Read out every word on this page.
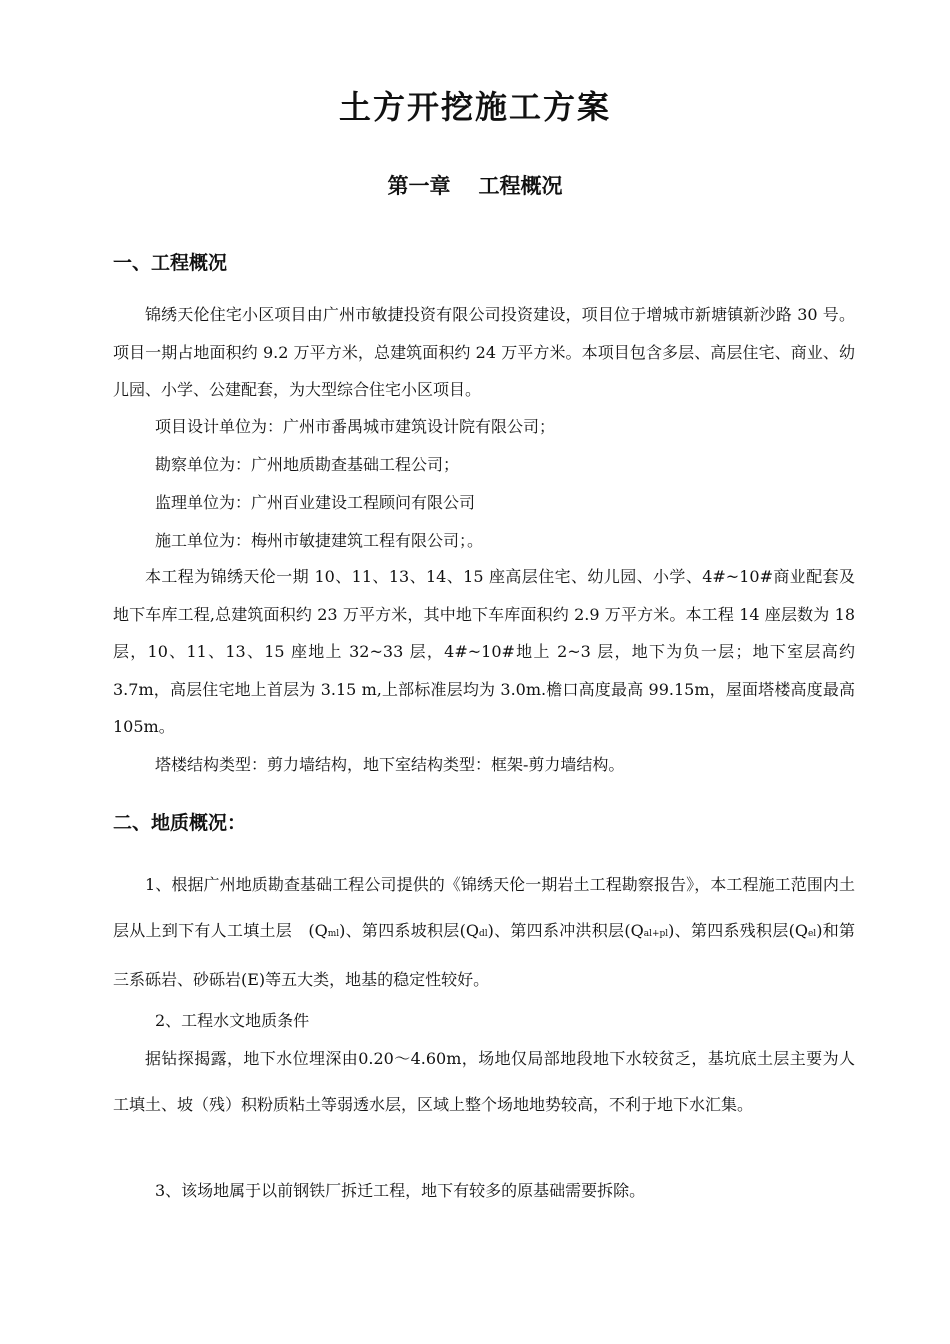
土方开挖施工方案
第一章 工程概况
一、工程概况

锦绣天伦住宅小区项目由广州市敏捷投资有限公司投资建设，项目位于增城市新塘镇新沙路 30 号。项目一期占地面积约 9.2 万平方米，总建筑面积约 24 万平方米。本项目包含多层、高层住宅、商业、幼儿园、小学、公建配套，为大型综合住宅小区项目。

项目设计单位为：广州市番禺城市建筑设计院有限公司；
勘察单位为：广州地质勘查基础工程公司；
监理单位为：广州百业建设工程顾问有限公司
施工单位为：梅州市敏捷建筑工程有限公司；。

本工程为锦绣天伦一期 10、11、13、14、15 座高层住宅、幼儿园、小学、4#~10#商业配套及地下车库工程,总建筑面积约 23 万平方米，其中地下车库面积约 2.9 万平方米。本工程 14 座层数为 18 层，10、11、13、15 座地上 32~33 层，4#~10#地上 2~3 层，地下为负一层；地下室层高约 3.7m，高层住宅地上首层为 3.15 m,上部标准层均为 3.0m.檐口高度最高 99.15m，屋面塔楼高度最高 105m。

塔楼结构类型：剪力墙结构，地下室结构类型：框架-剪力墙结构。
二、地质概况：

1、根据广州地质勘查基础工程公司提供的《锦绣天伦一期岩土工程勘察报告》，本工程施工范围内土层从上到下有人工填土层　(Qml)、第四系坡积层(Qdl)、第四系冲洪积层(Qal+pl)、第四系残积层(Qel)和第三系砾岩、砂砾岩(E)等五大类，地基的稳定性较好。

2、工程水文地质条件

据钻探揭露，地下水位埋深由0.20～4.60m，场地仅局部地段地下水较贫乏，基坑底土层主要为人工填土、坡（残）积粉质粘土等弱透水层，区域上整个场地地势较高，不利于地下水汇集。

3、该场地属于以前钢铁厂拆迁工程，地下有较多的原基础需要拆除。
